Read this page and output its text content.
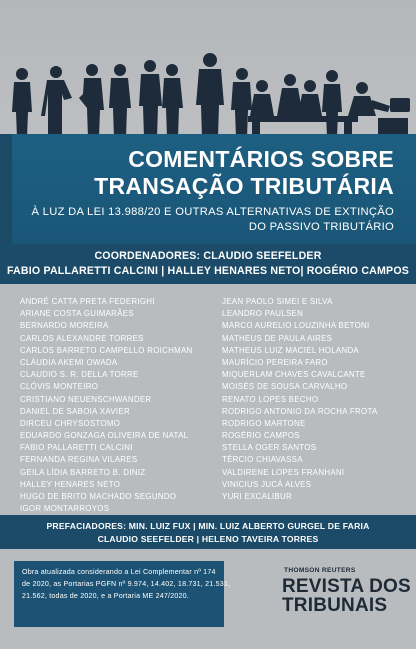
COMENTÁRIOS SOBRE
TRANSAÇÃO TRIBUTÁRIA
À LUZ DA LEI 13.988/20 E OUTRAS ALTERNATIVAS DE EXTINÇÃO
DO PASSIVO TRIBUTÁRIO
COORDENADORES: CLAUDIO SEEFELDER
FABIO PALLARETTI CALCINI | HALLEY HENARES NETO| ROGÉRIO CAMPOS
ANDRÉ CATTA PRETA FEDERIGHI
ARIANE COSTA GUIMARÃES
BERNARDO MOREIRA
CARLOS ALEXANDRE TORRES
CARLOS BARRETO CAMPELLO ROICHMAN
CLÁUDIA AKEMI OWADA
CLAUDIO S. R. DELLA TORRE
CLÓVIS MONTEIRO
CRISTIANO NEUENSCHWANDER
DANIEL DE SABOIA XAVIER
DIRCEU CHRYSOSTOMO
EDUARDO GONZAGA OLIVEIRA DE NATAL
FABIO PALLARETTI CALCINI
FERNANDA REGINA VILARES
GEILA LÍDIA BARRETO B. DINIZ
HALLEY HENARES NETO
HUGO DE BRITO MACHADO SEGUNDO
IGOR MONTARROYOS
JEAN PAOLO SIMEI E SILVA
LEANDRO PAULSEN
MARCO AURELIO LOUZINHA BETONI
MATHEUS DE PAULA AIRES
MATHEUS LUIZ MACIEL HOLANDA
MAURÍCIO PEREIRA FARO
MIQUERLAM CHAVES CAVALCANTE
MOISÉS DE SOUSA CARVALHO
RENATO LOPES BECHO
RODRIGO ANTONIO DA ROCHA FROTA
RODRIGO MARTONE
ROGÉRIO CAMPOS
STELLA OGER SANTOS
TÉRCIO CHIAVASSA
VALDIRENE LOPES FRANHANI
VINICIUS JUCÁ ALVES
YURI EXCALIBUR
PREFACIADORES: MIN. LUIZ FUX | MIN. LUIZ ALBERTO GURGEL DE FARIA
CLAUDIO SEEFELDER | HELENO TAVEIRA TORRES
Obra atualizada considerando a Lei Complementar nº 174
de 2020, as Portarias PGFN nº 9.974, 14.402, 18.731, 21.531,
21.562, todas de 2020, e a Portaria ME 247/2020.
THOMSON REUTERS
REVISTA DOS
TRIBUNAIS
